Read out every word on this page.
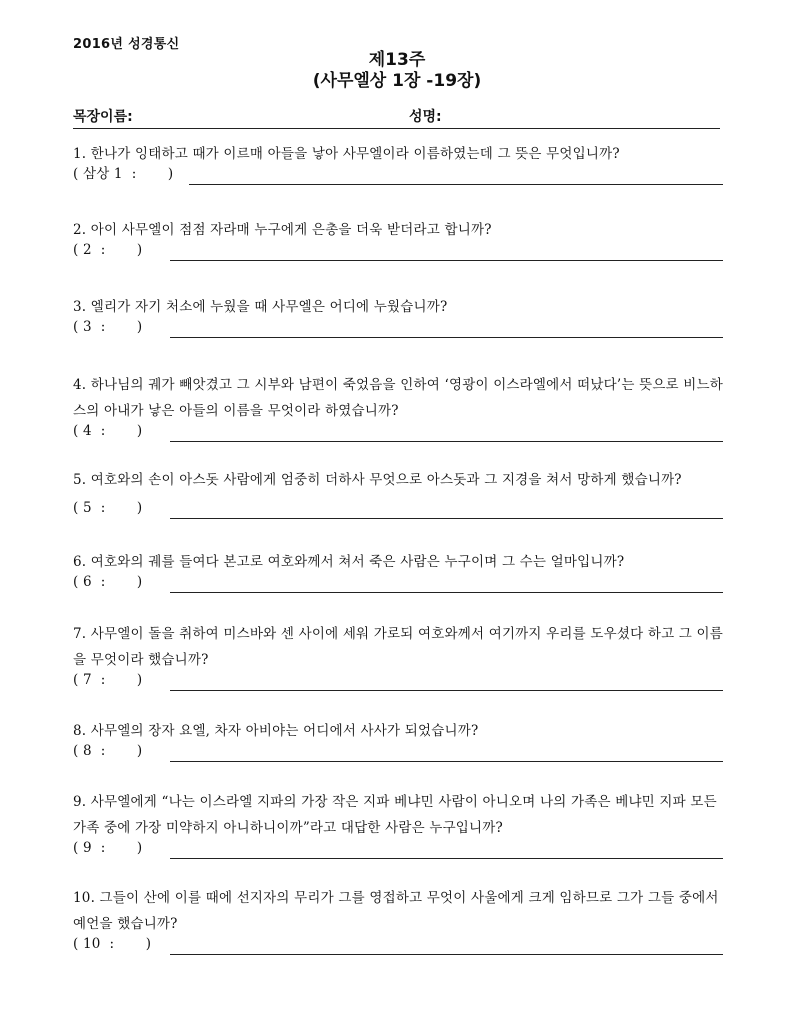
2016년 성경통신
제13주
(사무엘상 1장 -19장)
목장이름:	성명:

1. 한나가 잉태하고 때가 이르매 아들을 낳아 사무엘이라 이름하였는데 그 뜻은 무엇입니까?

( 삼상 1  :       )

2. 아이 사무엘이 점점 자라매 누구에게 은총을 더욱 받더라고 합니까?

( 2  :       )

3. 엘리가 자기 처소에 누웠을 때 사무엘은 어디에 누웠습니까?

( 3  :       )

4. 하나님의 궤가 빼앗겼고 그 시부와 남편이 죽었음을 인하여 ‘영광이 이스라엘에서 떠났다’는 뜻으로 비느하스의 아내가 낳은 아들의 이름을 무엇이라 하였습니까?

( 4  :       )

5. 여호와의 손이 아스돗 사람에게 엄중히 더하사 무엇으로 아스돗과 그 지경을 쳐서 망하게 했습니까?

( 5  :       )

6. 여호와의 궤를 들여다 본고로 여호와께서 쳐서 죽은 사람은 누구이며 그 수는 얼마입니까?

( 6  :       )

7. 사무엘이 돌을 취하여 미스바와 센 사이에 세워 가로되 여호와께서 여기까지 우리를 도우셨다 하고 그 이름을 무엇이라 했습니까?

( 7  :       )

8. 사무엘의 장자 요엘, 차자 아비야는 어디에서 사사가 되었습니까?

( 8  :       )

9. 사무엘에게 “나는 이스라엘 지파의 가장 작은 지파 베냐민 사람이 아니오며 나의 가족은 베냐민 지파 모든 가족 중에 가장 미약하지 아니하니이까”라고 대답한 사람은 누구입니까?

( 9  :       )

10. 그들이 산에 이를 때에 선지자의 무리가 그를 영접하고 무엇이 사울에게 크게 임하므로 그가 그들 중에서 예언을 했습니까?

( 10  :       )
